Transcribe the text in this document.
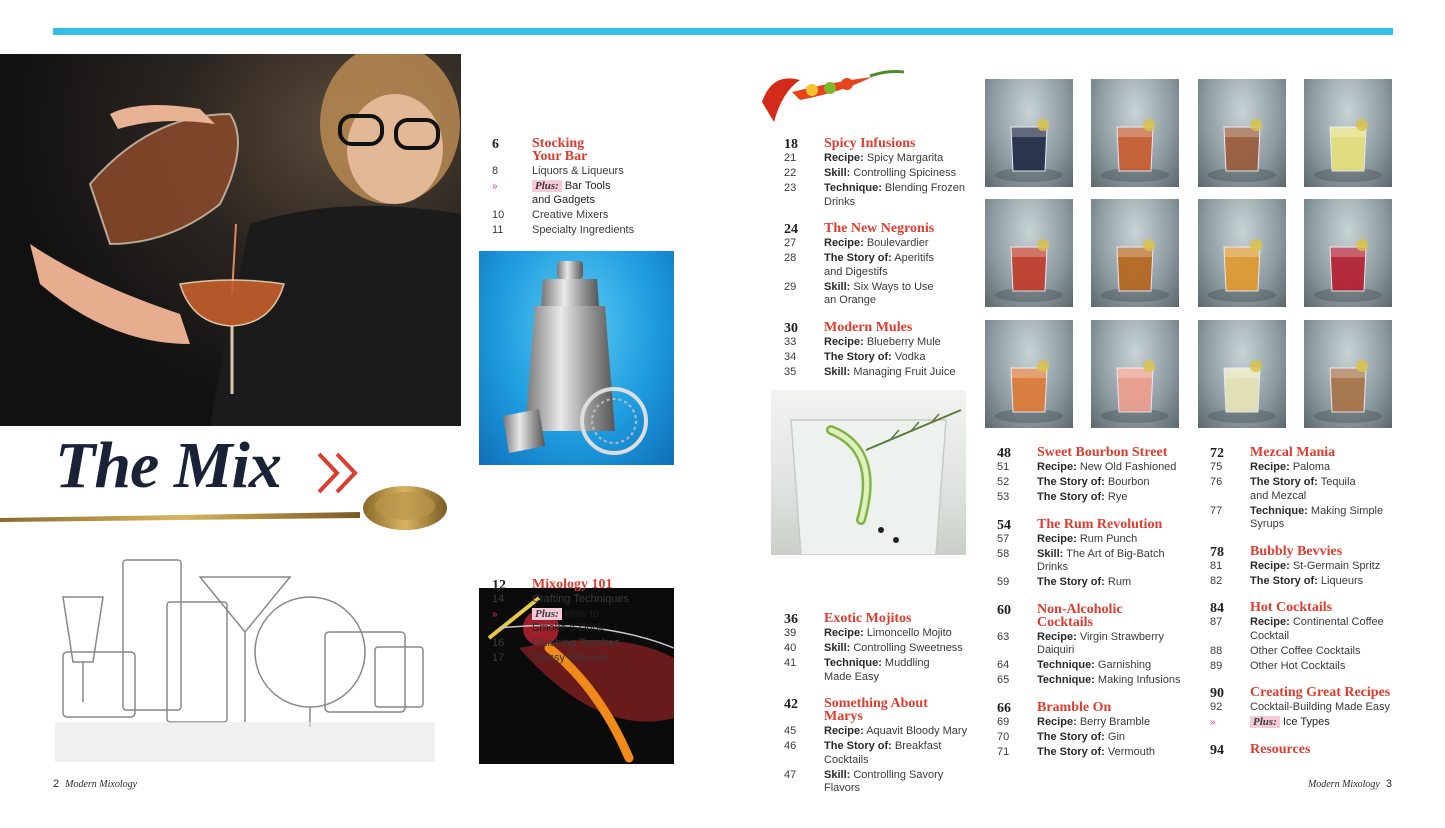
The Mix
6 Stocking
Your Bar
8	Liquors & Liqueurs
»	Plus: Bar Tools
and Gadgets
10	Creative Mixers
11	Specialty Ingredients
12 Mixology 101
14	Crafting Techniques
»	Plus: How to
Smoke a Drink
16	Finishing Touches
17	Classy Glasses
18 Spicy Infusions
21	Recipe: Spicy Margarita
22	Skill: Controlling Spiciness
23	Technique: Blending Frozen
Drinks
24 The New Negronis
27	Recipe: Boulevardier
28	The Story of: Aperitifs
and Digestifs
29	Skill: Six Ways to Use
an Orange
30 Modern Mules
33	Recipe: Blueberry Mule
34	The Story of: Vodka
35	Skill: Managing Fruit Juice
36 Exotic Mojitos
39	Recipe: Limoncello Mojito
40	Skill: Controlling Sweetness
41	Technique: Muddling
Made Easy
42 Something About
Marys
45	Recipe: Aquavit Bloody Mary
46	The Story of: Breakfast
Cocktails
47	Skill: Controlling Savory
Flavors
48 Sweet Bourbon Street
51	Recipe: New Old Fashioned
52	The Story of: Bourbon
53	The Story of: Rye
54 The Rum Revolution
57	Recipe: Rum Punch
58	Skill: The Art of Big-Batch
Drinks
59	The Story of: Rum
60 Non-Alcoholic
Cocktails
63	Recipe: Virgin Strawberry
Daiquiri
64	Technique: Garnishing
65	Technique: Making Infusions
66 Bramble On
69	Recipe: Berry Bramble
70	The Story of: Gin
71	The Story of: Vermouth
72 Mezcal Mania
75	Recipe: Paloma
76	The Story of: Tequila
and Mezcal
77	Technique: Making Simple
Syrups
78 Bubbly Bevvies
81	Recipe: St-Germain Spritz
82	The Story of: Liqueurs
84 Hot Cocktails
87	Recipe: Continental Coffee
Cocktail
88	Other Coffee Cocktails
89	Other Hot Cocktails
90 Creating Great Recipes
92	Cocktail-Building Made Easy
»	Plus: Ice Types
94 Resources
2 Modern Mixology	Modern Mixology 3
